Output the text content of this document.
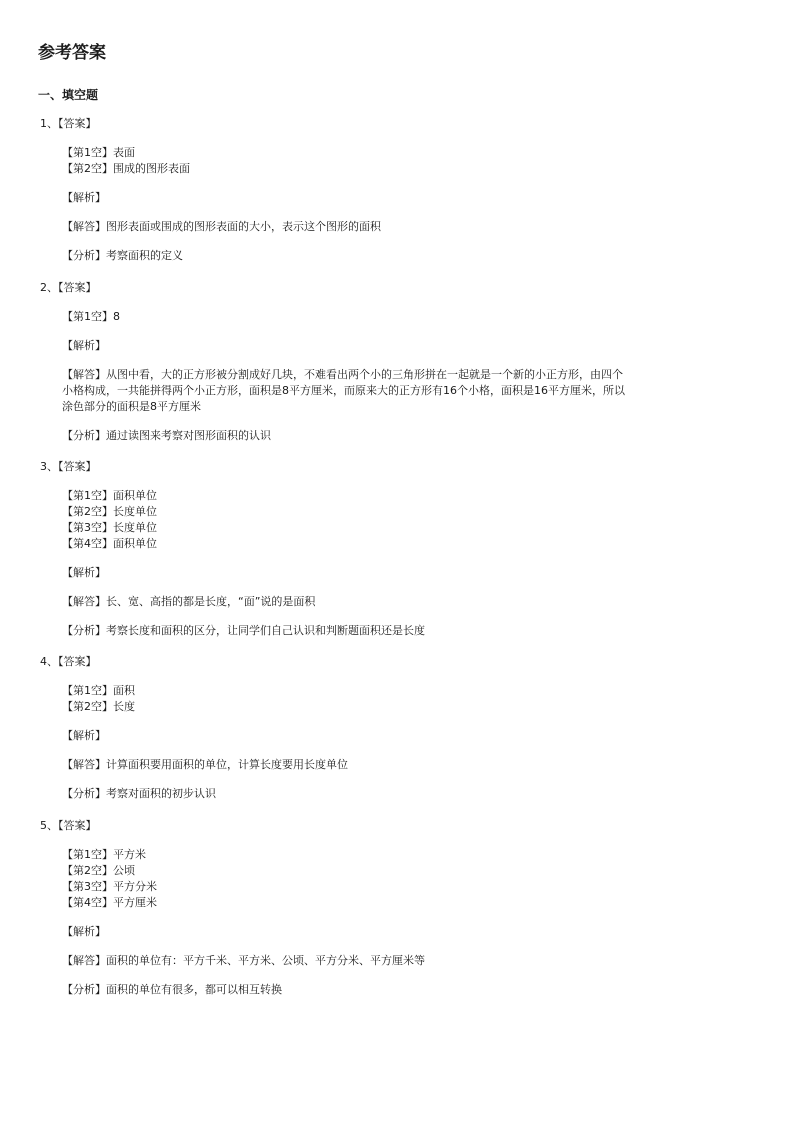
参考答案
一、填空题
1、【答案】

【第1空】表面

【第2空】围成的图形表面

【解析】

【解答】图形表面或围成的图形表面的大小，表示这个图形的面积

【分析】考察面积的定义

2、【答案】

【第1空】8

【解析】

【解答】从图中看，大的正方形被分割成好几块，不难看出两个小的三角形拼在一起就是一个新的小正方形，由四个

小格构成，一共能拼得两个小正方形，面积是8平方厘米，而原来大的正方形有16个小格，面积是16平方厘米，所以

涂色部分的面积是8平方厘米

【分析】通过读图来考察对图形面积的认识

3、【答案】

【第1空】面积单位

【第2空】长度单位

【第3空】长度单位

【第4空】面积单位

【解析】

【解答】长、宽、高指的都是长度，“面”说的是面积

【分析】考察长度和面积的区分，让同学们自己认识和判断题面积还是长度

4、【答案】

【第1空】面积

【第2空】长度

【解析】

【解答】计算面积要用面积的单位，计算长度要用长度单位

【分析】考察对面积的初步认识

5、【答案】

【第1空】平方米

【第2空】公顷

【第3空】平方分米

【第4空】平方厘米

【解析】

【解答】面积的单位有：平方千米、平方米、公顷、平方分米、平方厘米等

【分析】面积的单位有很多，都可以相互转换
